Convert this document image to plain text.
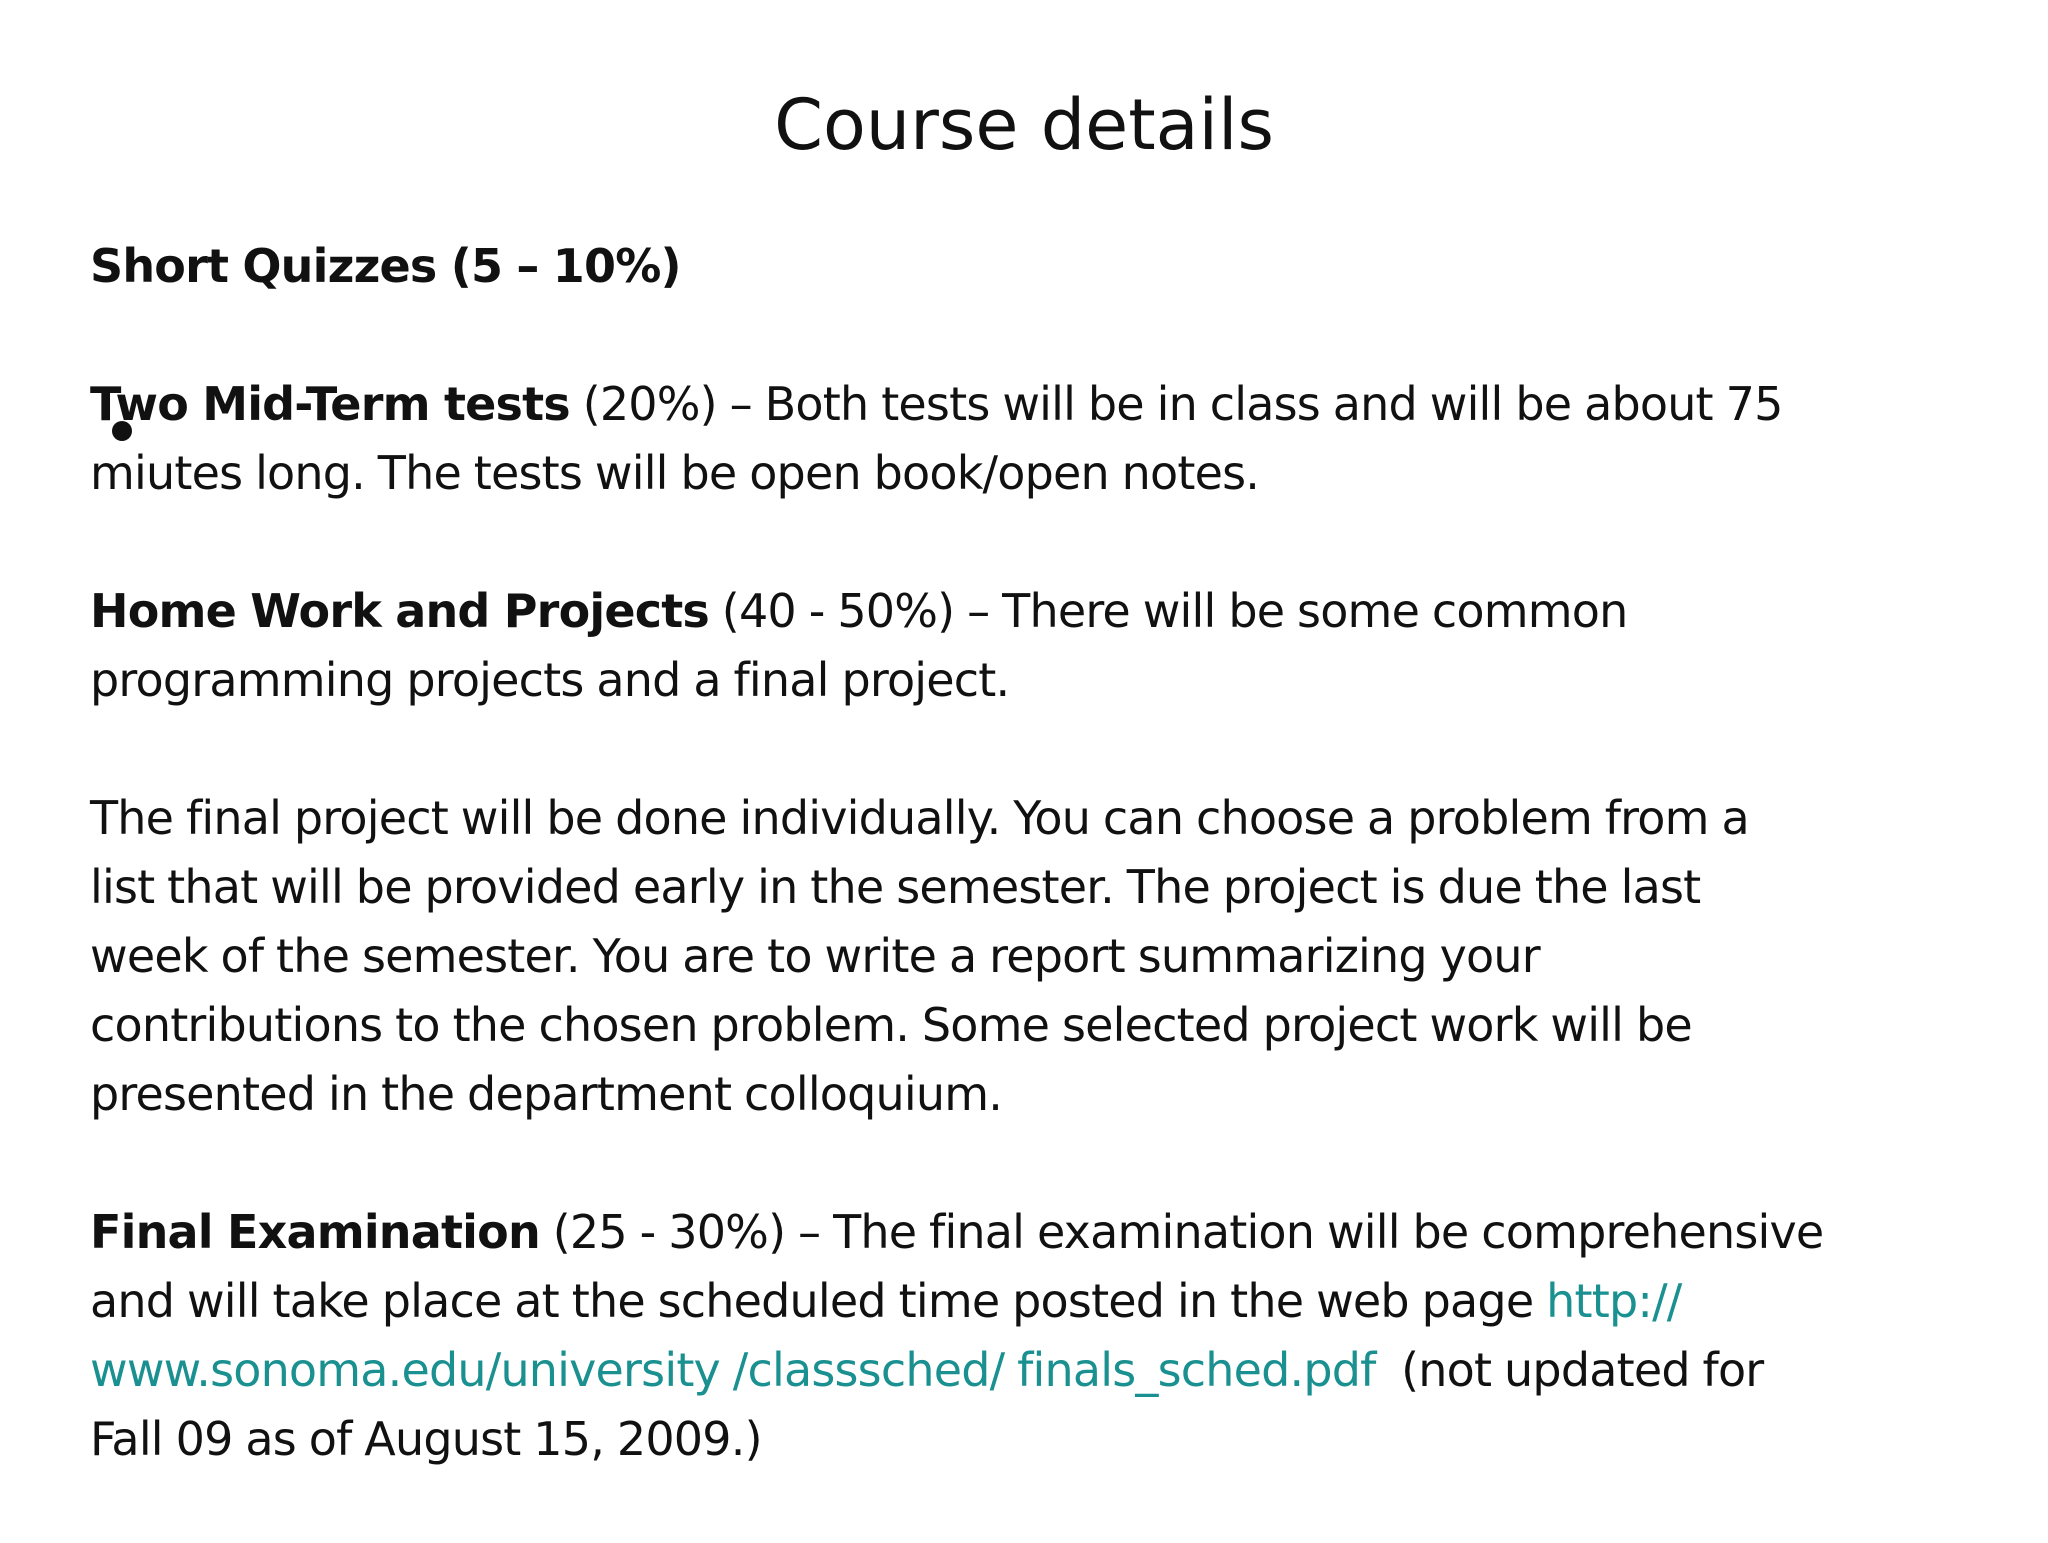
Course details

Short Quizzes (5 – 10%)

Two Mid-Term tests (20%) – Both tests will be in class and will be about 75
miutes long. The tests will be open book/open notes.

Home Work and Projects (40 - 50%) – There will be some common
programming projects and a final project.

The final project will be done individually. You can choose a problem from a
list that will be provided early in the semester. The project is due the last
week of the semester. You are to write a report summarizing your
contributions to the chosen problem. Some selected project work will be
presented in the department colloquium.

Final Examination (25 - 30%) – The final examination will be comprehensive
and will take place at the scheduled time posted in the web page http://
www.sonoma.edu/university /classsched/ finals_sched.pdf  (not updated for
Fall 09 as of August 15, 2009.)
